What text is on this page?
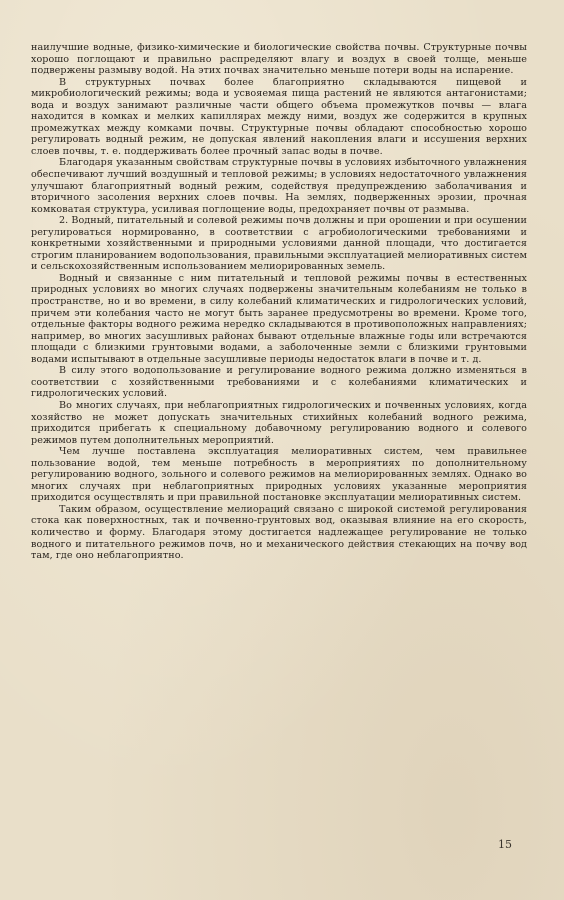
наилучшие водные, физико-химические и биологические свойства почвы. Структурные почвы хорошо поглощают и правильно распределяют влагу и воздух в своей толще, меньше подвержены размыву водой. На этих почвах значительно меньше потери воды на испарение.

В структурных почвах более благоприятно складываются пищевой и микробиологический режимы; вода и усвояемая пища растений не являются антагонистами; вода и воздух занимают различные части общего объема промежутков почвы — влага находится в комках и мелких капиллярах между ними, воздух же содержится в крупных промежутках между комками почвы. Структурные почвы обладают способностью хорошо регулировать водный режим, не допуская явлений накопления влаги и иссушения верхних слоев почвы, т. е. поддерживать более прочный запас воды в почве.

Благодаря указанным свойствам структурные почвы в условиях избыточного увлажнения обеспечивают лучший воздушный и тепловой режимы; в условиях недостаточного увлажнения улучшают благоприятный водный режим, содействуя предупреждению заболачивания и вторичного засоления верхних слоев почвы. На землях, подверженных эрозии, прочная комковатая структура, усиливая поглощение воды, предохраняет почвы от размыва.

2. Водный, питательный и солевой режимы почв должны и при орошении и при осушении регулироваться нормированно, в соответствии с агробиологическими требованиями и конкретными хозяйственными и природными условиями данной площади, что достигается строгим планированием водопользования, правильными эксплуатацией мелиоративных систем и сельскохозяйственным использованием мелиорированных земель.

Водный и связанные с ним питательный и тепловой режимы почвы в естественных природных условиях во многих случаях подвержены значительным колебаниям не только в пространстве, но и во времени, в силу колебаний климатических и гидрологических условий, причем эти колебания часто не могут быть заранее предусмотрены во времени. Кроме того, отдельные факторы водного режима нередко складываются в противоположных направлениях; например, во многих засушливых районах бывают отдельные влажные годы или встречаются площади с близкими грунтовыми водами, а заболоченные земли с близкими грунтовыми водами испытывают в отдельные засушливые периоды недостаток влаги в почве и т. д.

В силу этого водопользование и регулирование водного режима должно изменяться в соответствии с хозяйственными требованиями и с колебаниями климатических и гидрологических условий.

Во многих случаях, при неблагоприятных гидрологических и почвенных условиях, когда хозяйство не может допускать значительных стихийных колебаний водного режима, приходится прибегать к специальному добавочному регулированию водного и солевого режимов путем дополнительных мероприятий.

Чем лучше поставлена эксплуатация мелиоративных систем, чем правильнее пользование водой, тем меньше потребность в мероприятиях по дополнительному регулированию водного, зольного и солевого режимов на мелиорированных землях. Однако во многих случаях при неблагоприятных природных условиях указанные мероприятия приходится осуществлять и при правильной постановке эксплуатации мелиоративных систем.

Таким образом, осуществление мелиораций связано с широкой системой регулирования стока как поверхностных, так и почвенно-грунтовых вод, оказывая влияние на его скорость, количество и форму. Благодаря этому достигается надлежащее регулирование не только водного и питательного режимов почв, но и механического действия стекающих на почву вод там, где оно неблагоприятно.

15
